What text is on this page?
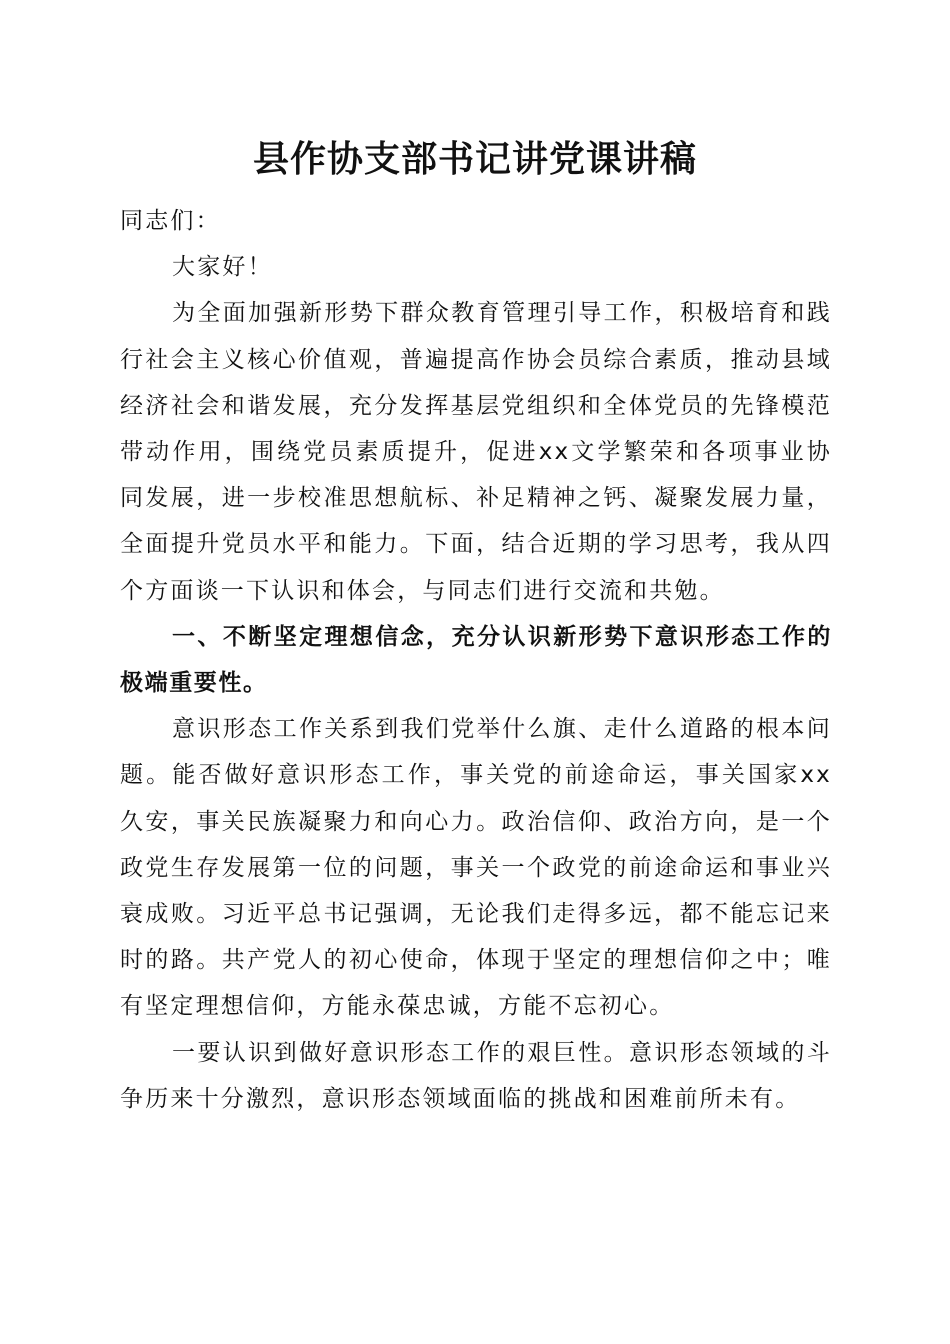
县作协支部书记讲党课讲稿

同志们：

大家好！

为全面加强新形势下群众教育管理引导工作，积极培育和践行社会主义核心价值观，普遍提高作协会员综合素质，推动县域经济社会和谐发展，充分发挥基层党组织和全体党员的先锋模范带动作用，围绕党员素质提升，促进xx文学繁荣和各项事业协同发展，进一步校准思想航标、补足精神之钙、凝聚发展力量，全面提升党员水平和能力。下面，结合近期的学习思考，我从四个方面谈一下认识和体会，与同志们进行交流和共勉。

一、不断坚定理想信念，充分认识新形势下意识形态工作的极端重要性。

意识形态工作关系到我们党举什么旗、走什么道路的根本问题。能否做好意识形态工作，事关党的前途命运，事关国家xx久安，事关民族凝聚力和向心力。政治信仰、政治方向，是一个政党生存发展第一位的问题，事关一个政党的前途命运和事业兴衰成败。习近平总书记强调，无论我们走得多远，都不能忘记来时的路。共产党人的初心使命，体现于坚定的理想信仰之中；唯有坚定理想信仰，方能永葆忠诚，方能不忘初心。

一要认识到做好意识形态工作的艰巨性。意识形态领域的斗争历来十分激烈，意识形态领域面临的挑战和困难前所未有。
